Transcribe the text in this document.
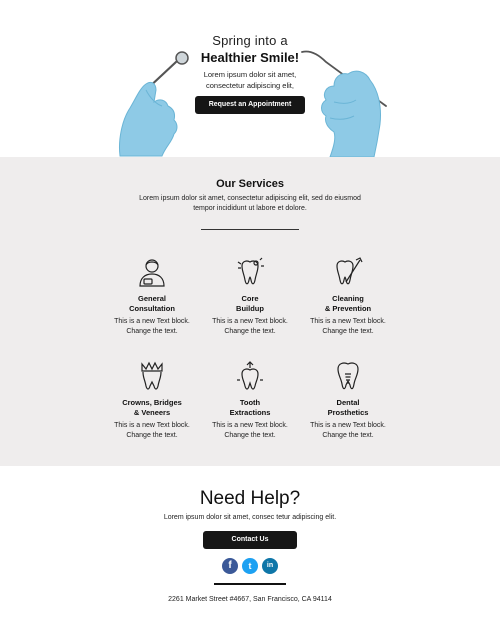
Spring into a
Healthier Smile!
Lorem ipsum dolor sit amet,
consectetur adipiscing elit,
Request an Appointment
Our Services
Lorem ipsum dolor sit amet, consectetur adipiscing elit, sed do eiusmod tempor incididunt ut labore et dolore.
General
Consultation
This is a new Text block.
Change the text.
Core
Buildup
This is a new Text block.
Change the text.
Cleaning
& Prevention
This is a new Text block.
Change the text.
Crowns, Bridges
& Veneers
This is a new Text block.
Change the text.
Tooth
Extractions
This is a new Text block.
Change the text.
Dental
Prosthetics
This is a new Text block.
Change the text.
Need Help?
Lorem ipsum dolor sit amet, consec tetur adipiscing elit.
Contact Us
f	t	in
2261 Market Street #4667, San Francisco, CA 94114
